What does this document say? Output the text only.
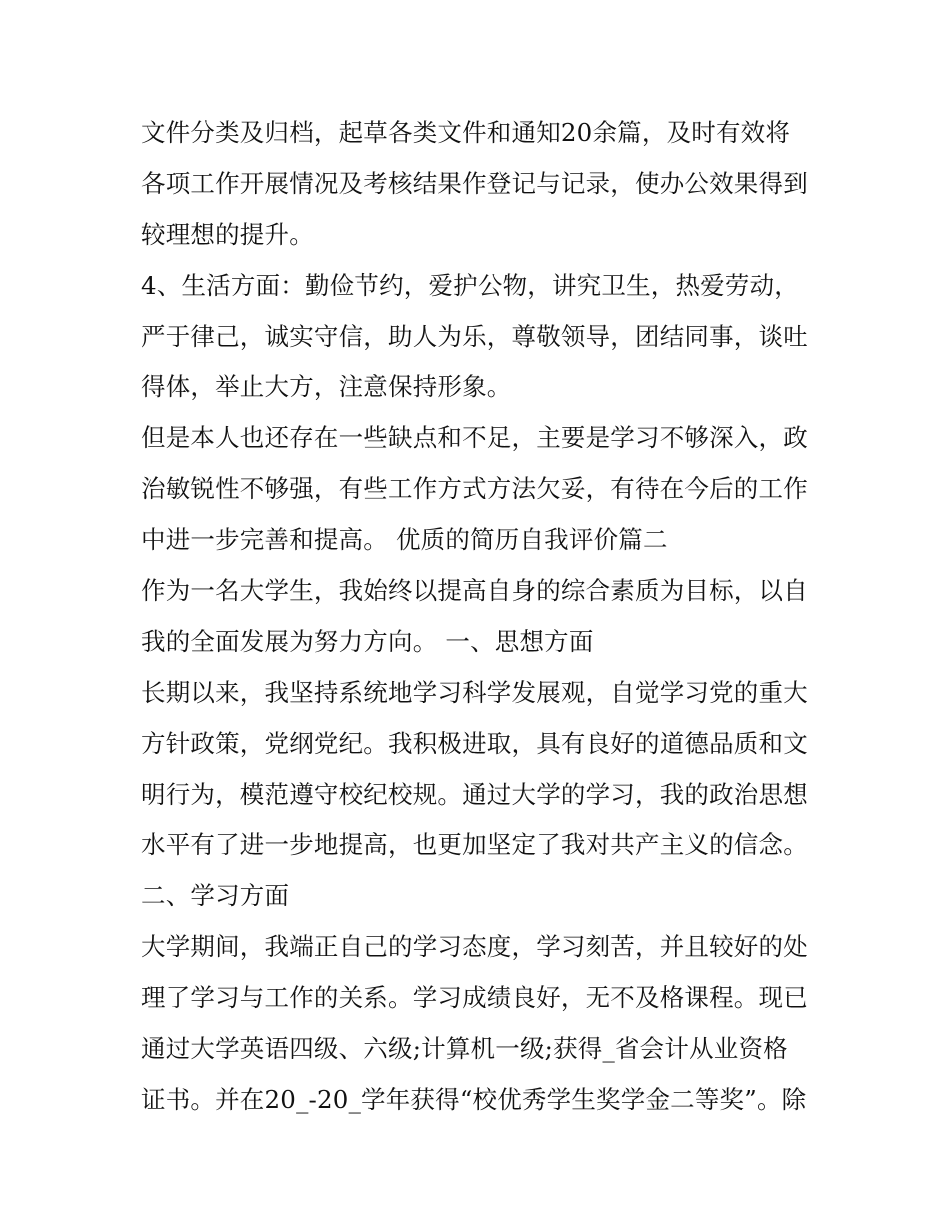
文件分类及归档，起草各类文件和通知20余篇，及时有效将
各项工作开展情况及考核结果作登记与记录，使办公效果得到
较理想的提升。
4、生活方面：勤俭节约，爱护公物，讲究卫生，热爱劳动，
严于律己，诚实守信，助人为乐，尊敬领导，团结同事，谈吐
得体，举止大方，注意保持形象。
但是本人也还存在一些缺点和不足，主要是学习不够深入，政
治敏锐性不够强，有些工作方式方法欠妥，有待在今后的工作
中进一步完善和提高。 优质的简历自我评价篇二
作为一名大学生，我始终以提高自身的综合素质为目标，以自
我的全面发展为努力方向。 一、思想方面
长期以来，我坚持系统地学习科学发展观，自觉学习党的重大
方针政策，党纲党纪。我积极进取，具有良好的道德品质和文
明行为，模范遵守校纪校规。通过大学的学习，我的政治思想
水平有了进一步地提高，也更加坚定了我对共产主义的信念。
二、学习方面
大学期间，我端正自己的学习态度，学习刻苦，并且较好的处
理了学习与工作的关系。学习成绩良好，无不及格课程。现已
通过大学英语四级、六级;计算机一级;获得_省会计从业资格
证书。并在20_-20_学年获得“校优秀学生奖学金二等奖”。除
